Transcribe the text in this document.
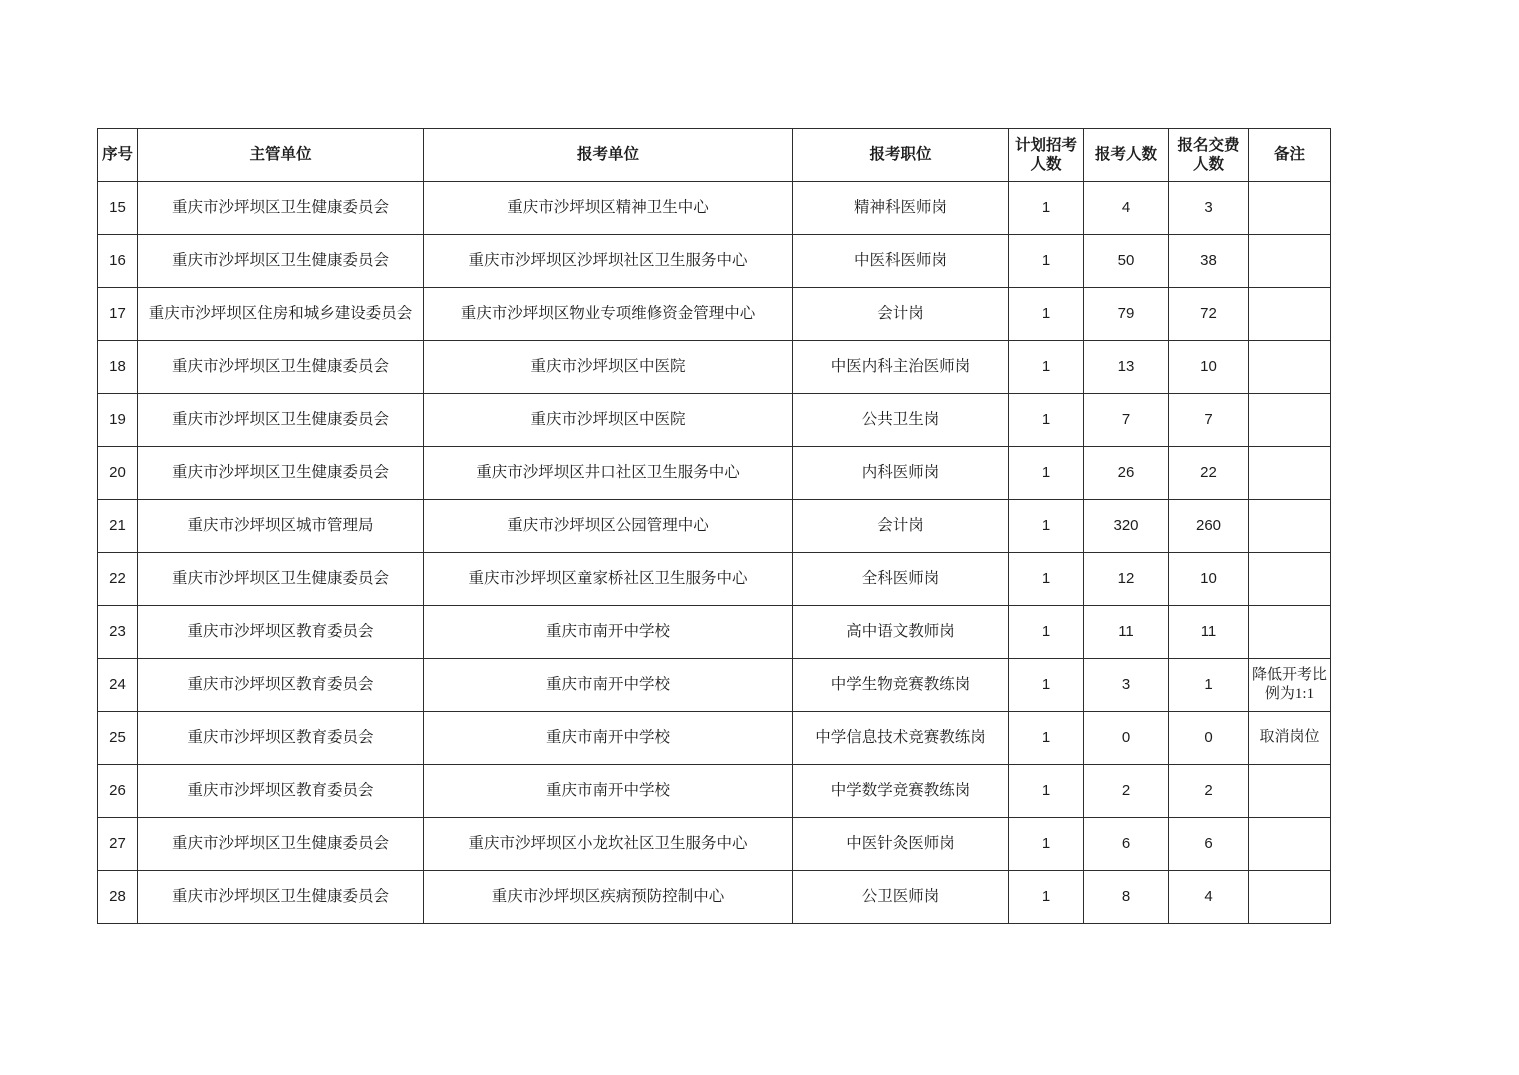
序号	主管单位	报考单位	报考职位	计划招考人数	报考人数	报名交费人数	备注
15	重庆市沙坪坝区卫生健康委员会	重庆市沙坪坝区精神卫生中心	精神科医师岗	1	4	3	
16	重庆市沙坪坝区卫生健康委员会	重庆市沙坪坝区沙坪坝社区卫生服务中心	中医科医师岗	1	50	38	
17	重庆市沙坪坝区住房和城乡建设委员会	重庆市沙坪坝区物业专项维修资金管理中心	会计岗	1	79	72	
18	重庆市沙坪坝区卫生健康委员会	重庆市沙坪坝区中医院	中医内科主治医师岗	1	13	10	
19	重庆市沙坪坝区卫生健康委员会	重庆市沙坪坝区中医院	公共卫生岗	1	7	7	
20	重庆市沙坪坝区卫生健康委员会	重庆市沙坪坝区井口社区卫生服务中心	内科医师岗	1	26	22	
21	重庆市沙坪坝区城市管理局	重庆市沙坪坝区公园管理中心	会计岗	1	320	260	
22	重庆市沙坪坝区卫生健康委员会	重庆市沙坪坝区童家桥社区卫生服务中心	全科医师岗	1	12	10	
23	重庆市沙坪坝区教育委员会	重庆市南开中学校	高中语文教师岗	1	11	11	
24	重庆市沙坪坝区教育委员会	重庆市南开中学校	中学生物竞赛教练岗	1	3	1	降低开考比例为1:1
25	重庆市沙坪坝区教育委员会	重庆市南开中学校	中学信息技术竞赛教练岗	1	0	0	取消岗位
26	重庆市沙坪坝区教育委员会	重庆市南开中学校	中学数学竞赛教练岗	1	2	2	
27	重庆市沙坪坝区卫生健康委员会	重庆市沙坪坝区小龙坎社区卫生服务中心	中医针灸医师岗	1	6	6	
28	重庆市沙坪坝区卫生健康委员会	重庆市沙坪坝区疾病预防控制中心	公卫医师岗	1	8	4	
